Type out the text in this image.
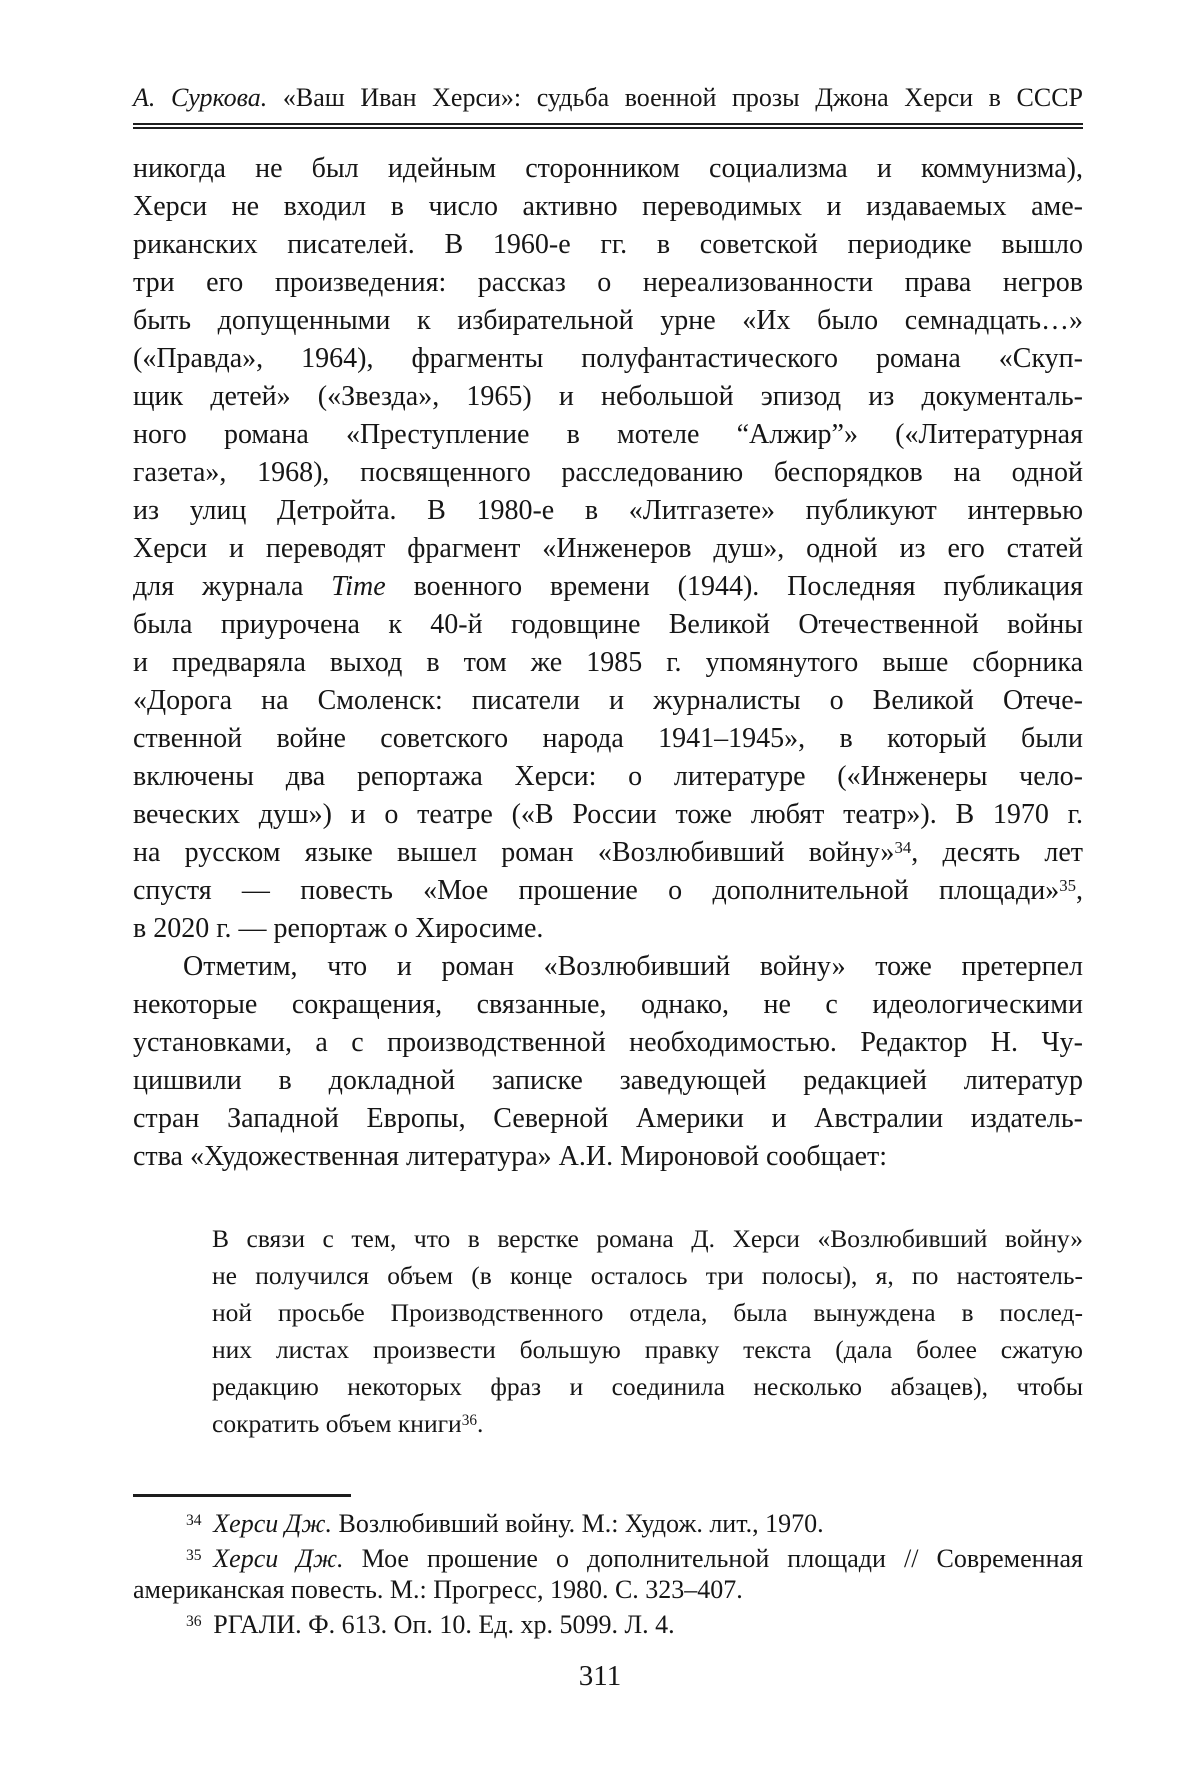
А. Суркова. «Ваш Иван Херси»: судьба военной прозы Джона Херси в СССР
никогда не был идейным сторонником социализма и коммунизма),
Херси не входил в число активно переводимых и издаваемых аме-
риканских писателей. В 1960-е гг. в советской периодике вышло
три его произведения: рассказ о нереализованности права негров
быть допущенными к избирательной урне «Их было семнадцать…»
(«Правда», 1964), фрагменты полуфантастического романа «Скуп-
щик детей» («Звезда», 1965) и небольшой эпизод из документаль-
ного романа «Преступление в мотеле “Алжир”» («Литературная
газета», 1968), посвященного расследованию беспорядков на одной
из улиц Детройта. В 1980-е в «Литгазете» публикуют интервью
Херси и переводят фрагмент «Инженеров душ», одной из его статей
для журнала Time военного времени (1944). Последняя публикация
была приурочена к 40-й годовщине Великой Отечественной войны
и предваряла выход в том же 1985 г. упомянутого выше сборника
«Дорога на Смоленск: писатели и журналисты о Великой Отече-
ственной войне советского народа 1941–1945», в который были
включены два репортажа Херси: о литературе («Инженеры чело-
веческих душ») и о театре («В России тоже любят театр»). В 1970 г.
на русском языке вышел роман «Возлюбивший войну»$^{34}$, десять лет
спустя — повесть «Мое прошение о дополнительной площади»$^{35}$,
в 2020 г. — репортаж о Хиросиме.
Отметим, что и роман «Возлюбивший войну» тоже претерпел
некоторые сокращения, связанные, однако, не с идеологическими
установками, а с производственной необходимостью. Редактор Н. Чу-
цишвили в докладной записке заведующей редакцией литератур
стран Западной Европы, Северной Америки и Австралии издатель-
ства «Художественная литература» А.И. Мироновой сообщает:
В связи с тем, что в верстке романа Д. Херси «Возлюбивший войну»
не получился объем (в конце осталось три полосы), я, по настоятель-
ной просьбе Производственного отдела, была вынуждена в послед-
них листах произвести большую правку текста (дала более сжатую
редакцию некоторых фраз и соединила несколько абзацев), чтобы
сократить объем книги$^{36}$.
$^{34}$ Херси Дж. Возлюбивший войну. М.: Худож. лит., 1970.
$^{35}$ Херси Дж. Мое прошение о дополнительной площади // Современная
американская повесть. М.: Прогресс, 1980. С. 323–407.
$^{36}$ РГАЛИ. Ф. 613. Оп. 10. Ед. хр. 5099. Л. 4.
311
